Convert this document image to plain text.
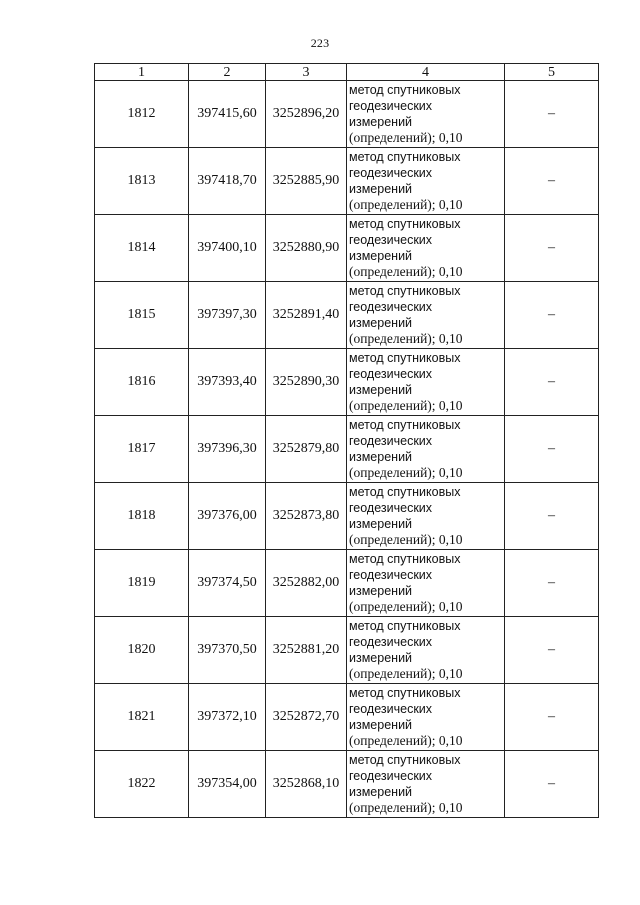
223
1	2	3	4	5
1812	397415,60	3252896,20	метод спутниковых
геодезических
измерений
(определений); 0,10	–
1813	397418,70	3252885,90	метод спутниковых
геодезических
измерений
(определений); 0,10	–
1814	397400,10	3252880,90	метод спутниковых
геодезических
измерений
(определений); 0,10	–
1815	397397,30	3252891,40	метод спутниковых
геодезических
измерений
(определений); 0,10	–
1816	397393,40	3252890,30	метод спутниковых
геодезических
измерений
(определений); 0,10	–
1817	397396,30	3252879,80	метод спутниковых
геодезических
измерений
(определений); 0,10	–
1818	397376,00	3252873,80	метод спутниковых
геодезических
измерений
(определений); 0,10	–
1819	397374,50	3252882,00	метод спутниковых
геодезических
измерений
(определений); 0,10	–
1820	397370,50	3252881,20	метод спутниковых
геодезических
измерений
(определений); 0,10	–
1821	397372,10	3252872,70	метод спутниковых
геодезических
измерений
(определений); 0,10	–
1822	397354,00	3252868,10	метод спутниковых
геодезических
измерений
(определений); 0,10	–
